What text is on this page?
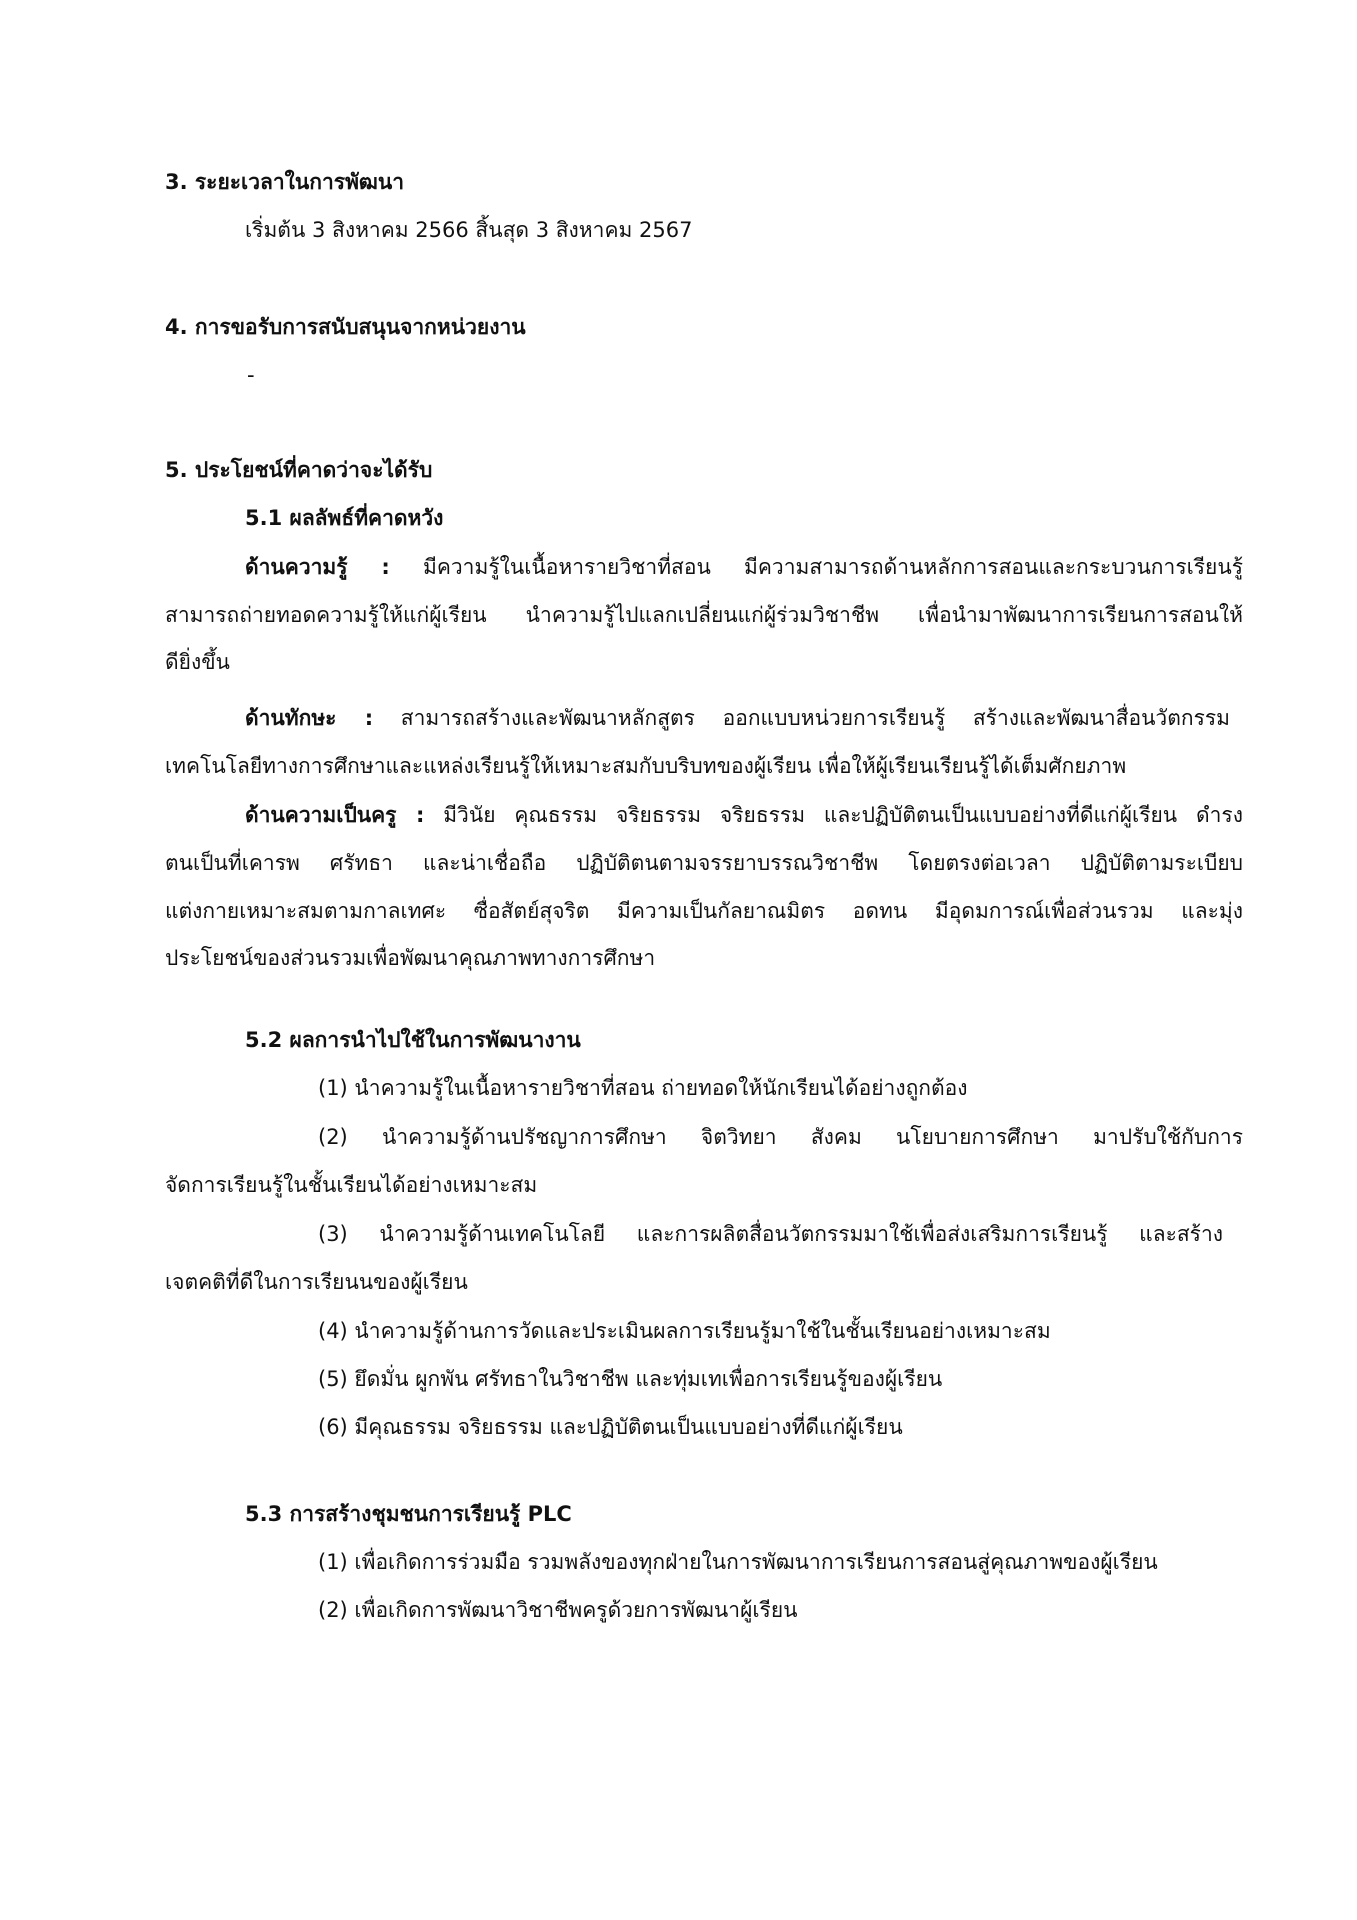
3. ระยะเวลาในการพัฒนา
เริ่มต้น 3 สิงหาคม 2566 สิ้นสุด 3 สิงหาคม 2567
4. การขอรับการสนับสนุนจากหน่วยงาน
-
5. ประโยชน์ที่คาดว่าจะได้รับ
5.1 ผลลัพธ์ที่คาดหวัง
ด้านความรู้ : มีความรู้ในเนื้อหารายวิชาที่สอน มีความสามารถด้านหลักการสอนและกระบวนการเรียนรู้
สามารถถ่ายทอดความรู้ให้แก่ผู้เรียน นำความรู้ไปแลกเปลี่ยนแก่ผู้ร่วมวิชาชีพ เพื่อนำมาพัฒนาการเรียนการสอนให้
ดียิ่งขึ้น
ด้านทักษะ : สามารถสร้างและพัฒนาหลักสูตร ออกแบบหน่วยการเรียนรู้ สร้างและพัฒนาสื่อนวัตกรรม
เทคโนโลยีทางการศึกษาและแหล่งเรียนรู้ให้เหมาะสมกับบริบทของผู้เรียน เพื่อให้ผู้เรียนเรียนรู้ได้เต็มศักยภาพ
ด้านความเป็นครู : มีวินัย คุณธรรม จริยธรรม จริยธรรม และปฏิบัติตนเป็นแบบอย่างที่ดีแก่ผู้เรียน ดำรง
ตนเป็นที่เคารพ ศรัทธา และน่าเชื่อถือ ปฏิบัติตนตามจรรยาบรรณวิชาชีพ โดยตรงต่อเวลา ปฏิบัติตามระเบียบ
แต่งกายเหมาะสมตามกาลเทศะ ซื่อสัตย์สุจริต มีความเป็นกัลยาณมิตร อดทน มีอุดมการณ์เพื่อส่วนรวม และมุ่ง
ประโยชน์ของส่วนรวมเพื่อพัฒนาคุณภาพทางการศึกษา
5.2 ผลการนำไปใช้ในการพัฒนางาน
(1) นำความรู้ในเนื้อหารายวิชาที่สอน ถ่ายทอดให้นักเรียนได้อย่างถูกต้อง
(2) นำความรู้ด้านปรัชญาการศึกษา จิตวิทยา สังคม นโยบายการศึกษา มาปรับใช้กับการ
จัดการเรียนรู้ในชั้นเรียนได้อย่างเหมาะสม
(3) นำความรู้ด้านเทคโนโลยี และการผลิตสื่อนวัตกรรมมาใช้เพื่อส่งเสริมการเรียนรู้ และสร้าง
เจตคติที่ดีในการเรียนนของผู้เรียน
(4) นำความรู้ด้านการวัดและประเมินผลการเรียนรู้มาใช้ในชั้นเรียนอย่างเหมาะสม
(5) ยึดมั่น ผูกพัน ศรัทธาในวิชาชีพ และทุ่มเทเพื่อการเรียนรู้ของผู้เรียน
(6) มีคุณธรรม จริยธรรม และปฏิบัติตนเป็นแบบอย่างที่ดีแก่ผู้เรียน
5.3 การสร้างชุมชนการเรียนรู้ PLC
(1) เพื่อเกิดการร่วมมือ รวมพลังของทุกฝ่ายในการพัฒนาการเรียนการสอนสู่คุณภาพของผู้เรียน
(2) เพื่อเกิดการพัฒนาวิชาชีพครูด้วยการพัฒนาผู้เรียน
